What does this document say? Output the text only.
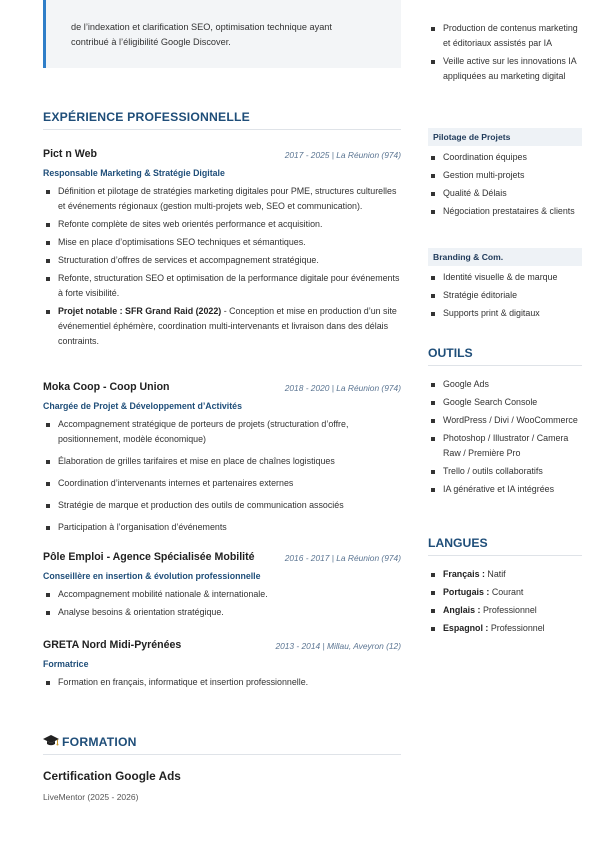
de l’indexation et clarification SEO, optimisation technique ayant
contribué à l’éligibilité Google Discover.
EXPÉRIENCE PROFESSIONNELLE
Pict n Web	2017 - 2025 | La Réunion (974)
Responsable Marketing & Stratégie Digitale
Définition et pilotage de stratégies marketing digitales pour PME, structures culturelles et événements régionaux (gestion multi-projets web, SEO et communication).
Refonte complète de sites web orientés performance et acquisition.
Mise en place d’optimisations SEO techniques et sémantiques.
Structuration d’offres de services et accompagnement stratégique.
Refonte, structuration SEO et optimisation de la performance digitale pour événements à forte visibilité.
Projet notable : SFR Grand Raid (2022) - Conception et mise en production d’un site événementiel éphémère, coordination multi-intervenants et livraison dans des délais contraints.
Moka Coop - Coop Union	2018 - 2020 | La Réunion (974)
Chargée de Projet & Développement d’Activités
Accompagnement stratégique de porteurs de projets (structuration d’offre, positionnement, modèle économique)
Élaboration de grilles tarifaires et mise en place de chaînes logistiques
Coordination d’intervenants internes et partenaires externes
Stratégie de marque et production des outils de communication associés
Participation à l’organisation d’événements
Pôle Emploi - Agence Spécialisée Mobilité	2016 - 2017 | La Réunion (974)
Conseillère en insertion & évolution professionnelle
Accompagnement mobilité nationale & internationale.
Analyse besoins & orientation stratégique.
GRETA Nord Midi-Pyrénées	2013 - 2014 | Millau, Aveyron (12)
Formatrice
Formation en français, informatique et insertion professionnelle.
FORMATION
Certification Google Ads
LiveMentor (2025 - 2026)
Production de contenus marketing et éditoriaux assistés par IA
Veille active sur les innovations IA appliquées au marketing digital
Pilotage de Projets
Coordination équipes
Gestion multi-projets
Qualité & Délais
Négociation prestataires & clients
Branding & Com.
Identité visuelle & de marque
Stratégie éditoriale
Supports print & digitaux
OUTILS
Google Ads
Google Search Console
WordPress / Divi / WooCommerce
Photoshop / Illustrator / Camera Raw / Première Pro
Trello / outils collaboratifs
IA générative et IA intégrées
LANGUES
Français : Natif
Portugais : Courant
Anglais : Professionnel
Espagnol : Professionnel
